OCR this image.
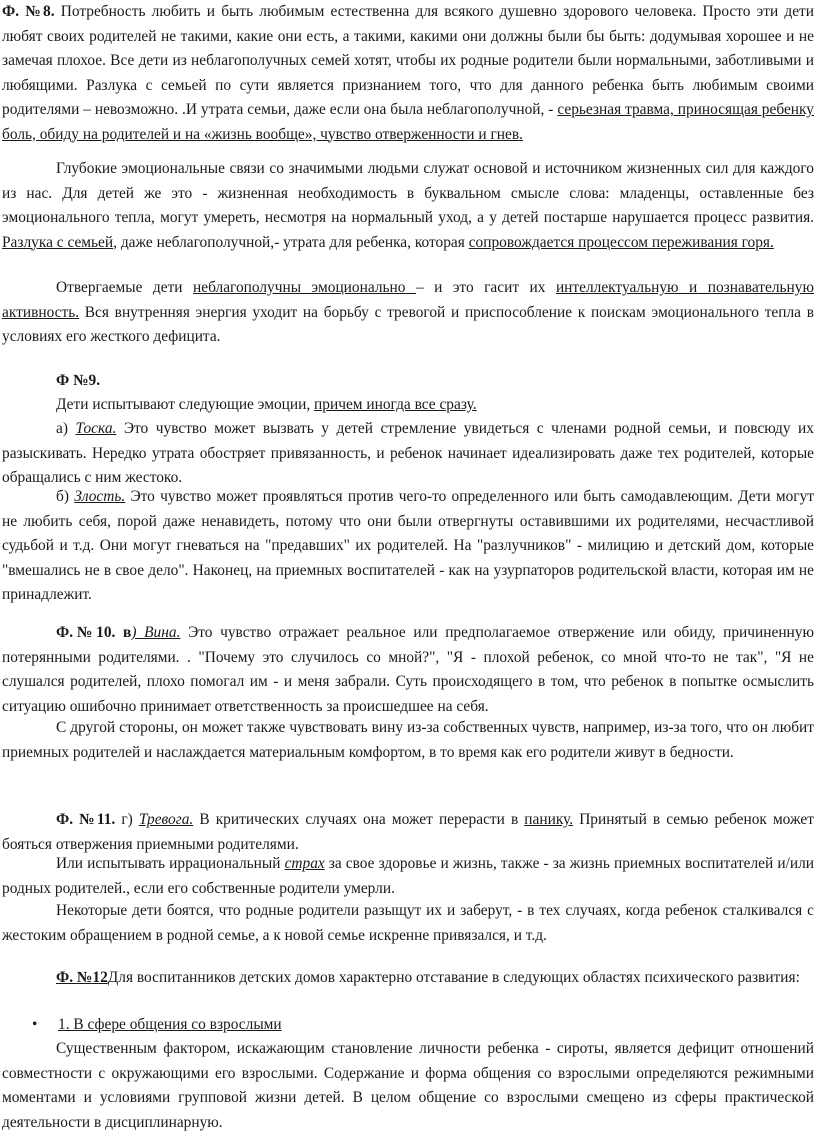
Ф. №8. Потребность любить и быть любимым естественна для всякого душевно здорового человека. Просто эти дети любят своих родителей не такими, какие они есть, а такими, какими они должны были бы быть: додумывая хорошее и не замечая плохое. Все дети из неблагополучных семей хотят, чтобы их родные родители были нормальными, заботливыми и любящими. Разлука с семьей по сути является признанием того, что для данного ребенка быть любимым своими родителями – невозможно. .И утрата семьи, даже если она была неблагополучной, - серьезная травма, приносящая ребенку боль, обиду на родителей и на «жизнь вообще», чувство отверженности и гнев.

Глубокие эмоциональные связи со значимыми людьми служат основой и источником жизненных сил для каждого из нас. Для детей же это - жизненная необходимость в буквальном смысле слова: младенцы, оставленные без эмоционального тепла, могут умереть, несмотря на нормальный уход, а у детей постарше нарушается процесс развития. Разлука с семьей, даже неблагополучной,- утрата для ребенка, которая сопровождается процессом переживания горя.

Отвергаемые дети неблагополучны эмоционально – и это гасит их интеллектуальную и познавательную активность. Вся внутренняя энергия уходит на борьбу с тревогой и приспособление к поискам эмоционального тепла в условиях его жесткого дефицита.

Ф №9.

Дети испытывают следующие эмоции, причем иногда все сразу.

а) Тоска. Это чувство может вызвать у детей стремление увидеться с членами родной семьи, и повсюду их разыскивать. Нередко утрата обостряет привязанность, и ребенок начинает идеализировать даже тех родителей, которые обращались с ним жестоко.

б) Злость. Это чувство может проявляться против чего-то определенного или быть самодавлеющим. Дети могут не любить себя, порой даже ненавидеть, потому что они были отвергнуты оставившими их родителями, несчастливой судьбой и т.д. Они могут гневаться на "предавших" их родителей. На "разлучников" - милицию и детский дом, которые "вмешались не в свое дело". Наконец, на приемных воспитателей - как на узурпаторов родительской власти, которая им не принадлежит.

Ф.№10. в) Вина. Это чувство отражает реальное или предполагаемое отвержение или обиду, причиненную потерянными родителями. . "Почему это случилось со мной?", "Я - плохой ребенок, со мной что-то не так", "Я не слушался родителей, плохо помогал им - и меня забрали. Суть происходящего в том, что ребенок в попытке осмыслить ситуацию ошибочно принимает ответственность за происшедшее на себя.

С другой стороны, он может также чувствовать вину из-за собственных чувств, например, из-за того, что он любит приемных родителей и наслаждается материальным комфортом, в то время как его родители живут в бедности.

Ф. №11. г) Тревога. В критических случаях она может перерасти в панику. Принятый в семью ребенок может бояться отвержения приемными родителями.

Или испытывать иррациональный страх за свое здоровье и жизнь, также - за жизнь приемных воспитателей и/или родных родителей., если его собственные родители умерли.

Некоторые дети боятся, что родные родители разыщут их и заберут, - в тех случаях, когда ребенок сталкивался с жестоким обращением в родной семье, а к новой семье искренне привязался, и т.д.

Ф. №12Для воспитанников детских домов характерно отставание в следующих областях психического развития:

• 1. В сфере общения со взрослыми

Существенным фактором, искажающим становление личности ребенка - сироты, является дефицит отношений совместности с окружающими его взрослыми. Содержание и форма общения со взрослыми определяются режимными моментами и условиями групповой жизни детей. В целом общение со взрослыми смещено из сферы практической деятельности в дисциплинарную.
